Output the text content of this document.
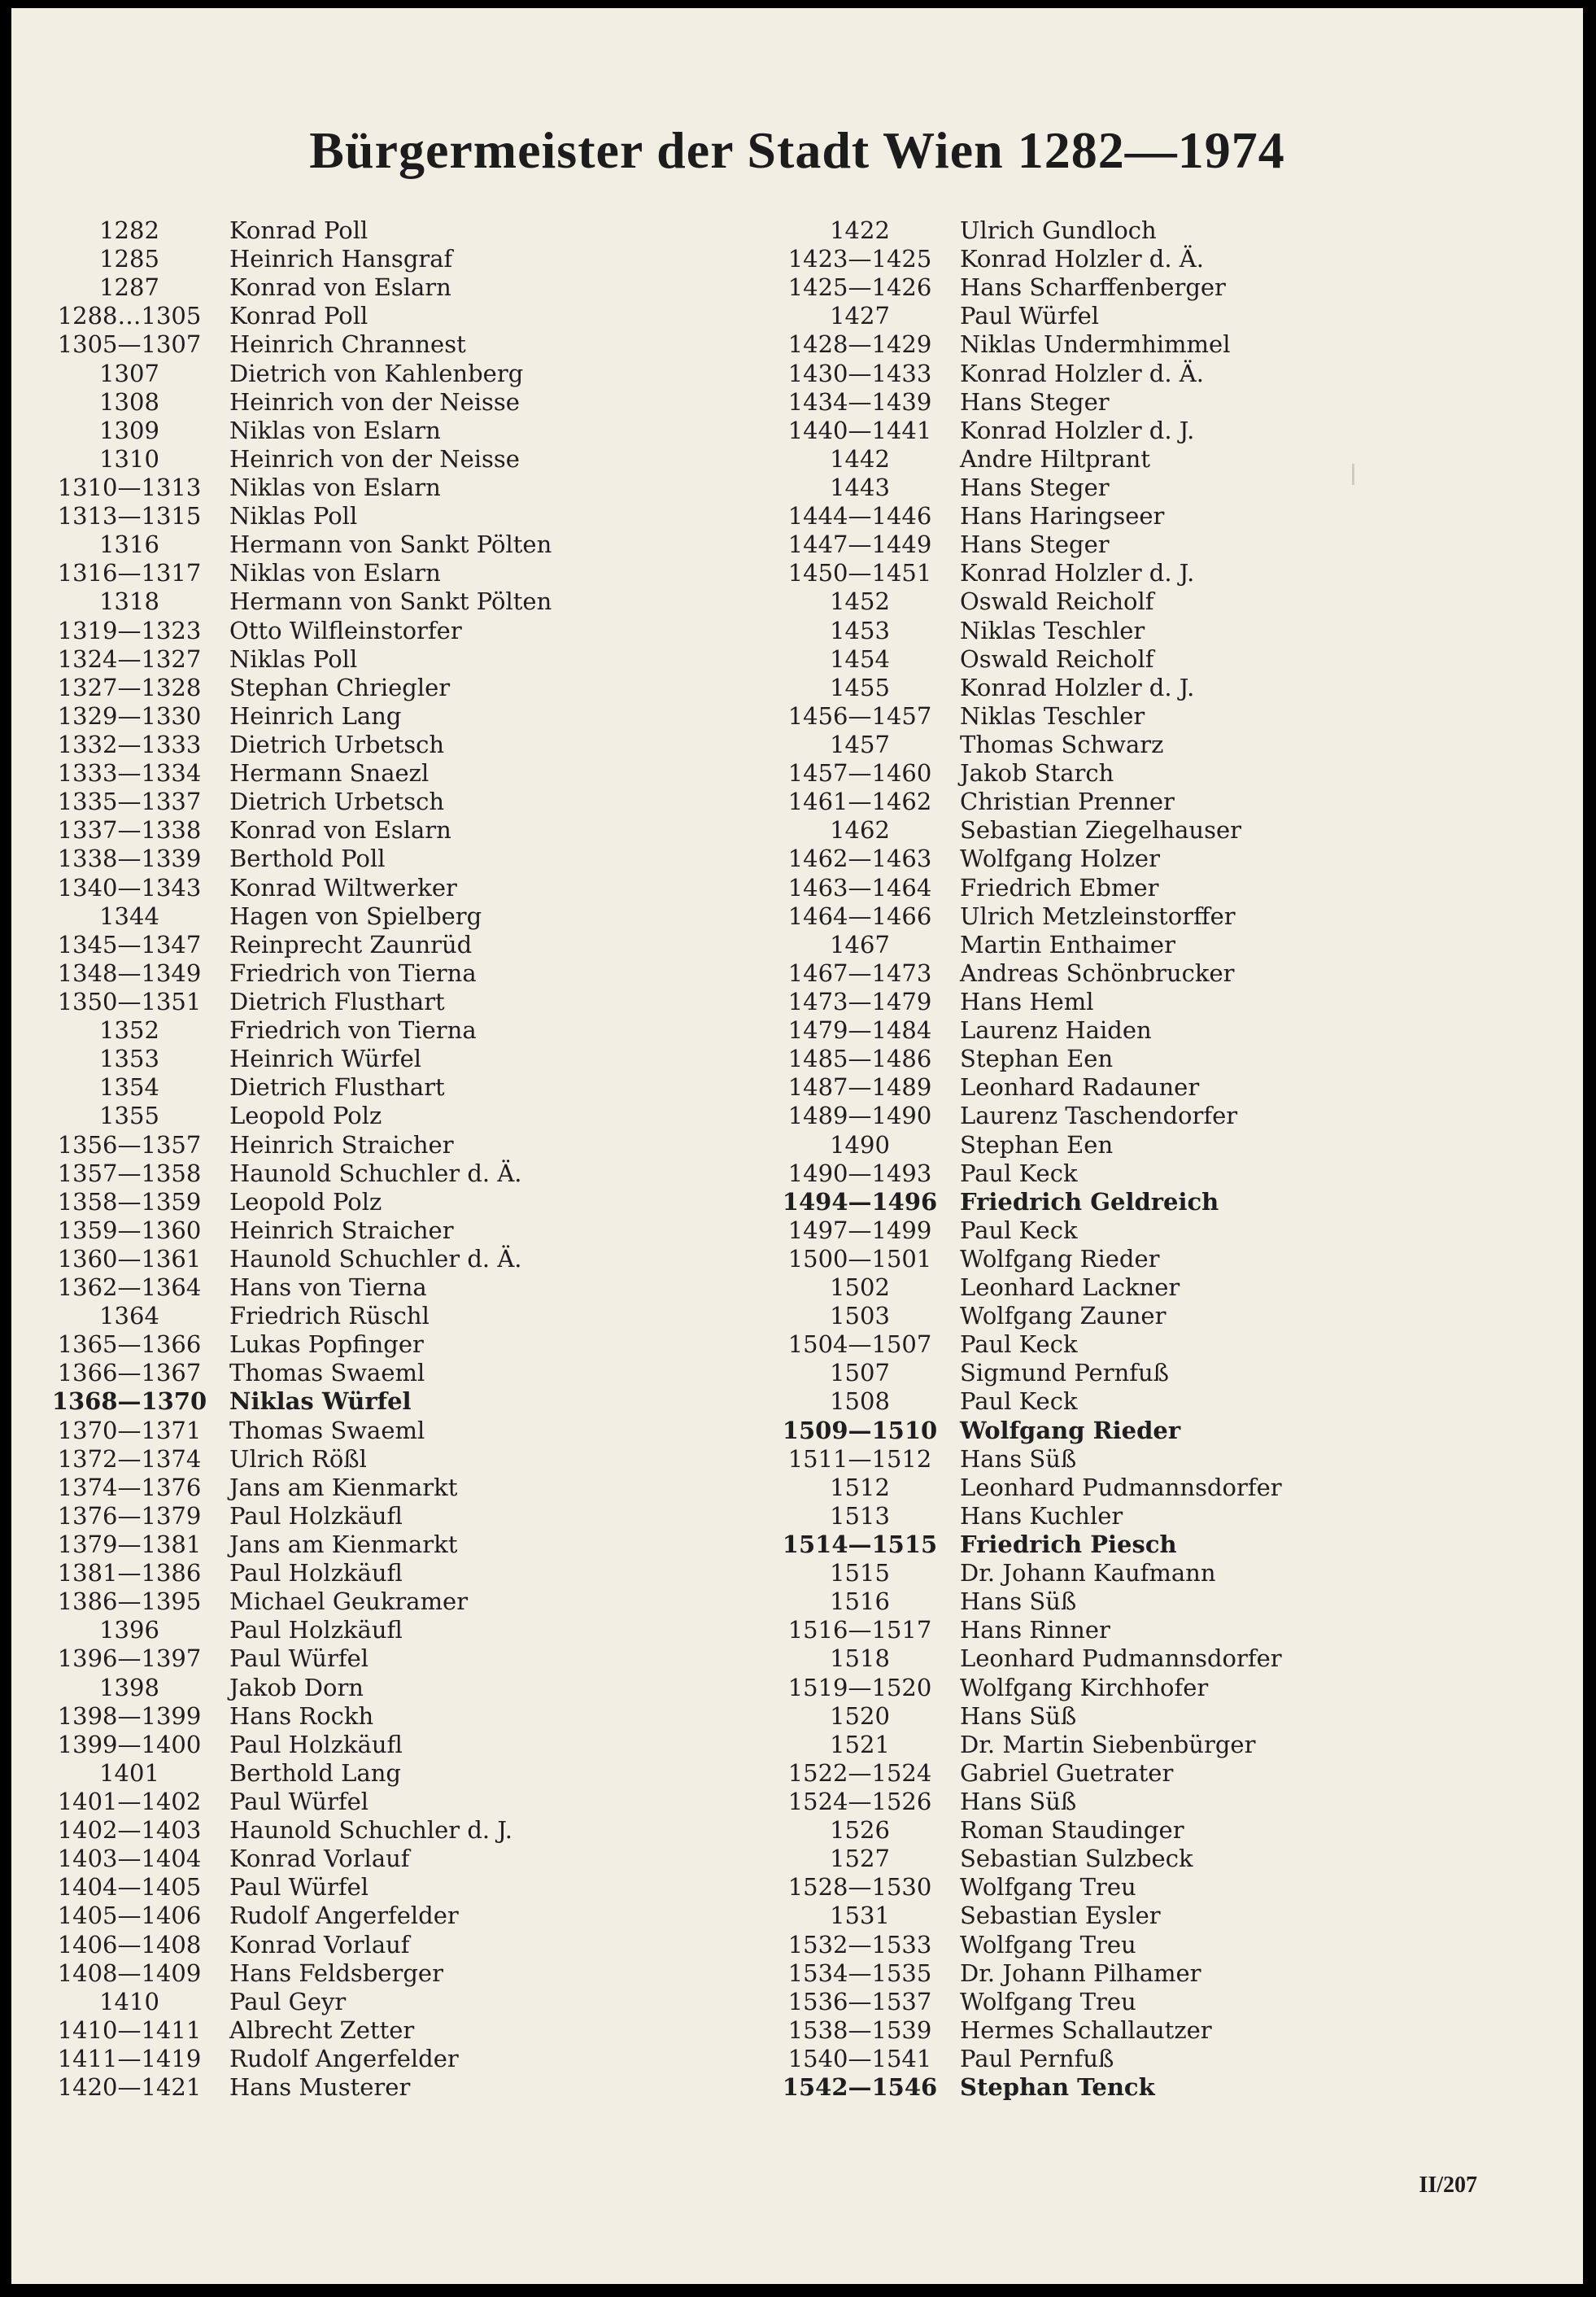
Bürgermeister der Stadt Wien 1282—1974
1282	Konrad Poll
1285	Heinrich Hansgraf
1287	Konrad von Eslarn
1288…1305 Konrad Poll
1305—1307 Heinrich Chrannest
1307	Dietrich von Kahlenberg
1308	Heinrich von der Neisse
1309	Niklas von Eslarn
1310	Heinrich von der Neisse
1310—1313 Niklas von Eslarn
1313—1315 Niklas Poll
1316	Hermann von Sankt Pölten
1316—1317 Niklas von Eslarn
1318	Hermann von Sankt Pölten
1319—1323 Otto Wilfleinstorfer
1324—1327 Niklas Poll
1327—1328 Stephan Chriegler
1329—1330 Heinrich Lang
1332—1333 Dietrich Urbetsch
1333—1334 Hermann Snaezl
1335—1337 Dietrich Urbetsch
1337—1338 Konrad von Eslarn
1338—1339 Berthold Poll
1340—1343 Konrad Wiltwerker
1344	Hagen von Spielberg
1345—1347 Reinprecht Zaunrüd
1348—1349 Friedrich von Tierna
1350—1351 Dietrich Flusthart
1352	Friedrich von Tierna
1353	Heinrich Würfel
1354	Dietrich Flusthart
1355	Leopold Polz
1356—1357 Heinrich Straicher
1357—1358 Haunold Schuchler d. Ä.
1358—1359 Leopold Polz
1359—1360 Heinrich Straicher
1360—1361 Haunold Schuchler d. Ä.
1362—1364 Hans von Tierna
1364	Friedrich Rüschl
1365—1366 Lukas Popfinger
1366—1367 Thomas Swaeml
1368—1370 Niklas Würfel
1370—1371 Thomas Swaeml
1372—1374 Ulrich Rößl
1374—1376 Jans am Kienmarkt
1376—1379 Paul Holzkäufl
1379—1381 Jans am Kienmarkt
1381—1386 Paul Holzkäufl
1386—1395 Michael Geukramer
1396	Paul Holzkäufl
1396—1397 Paul Würfel
1398	Jakob Dorn
1398—1399 Hans Rockh
1399—1400 Paul Holzkäufl
1401	Berthold Lang
1401—1402 Paul Würfel
1402—1403 Haunold Schuchler d. J.
1403—1404 Konrad Vorlauf
1404—1405 Paul Würfel
1405—1406 Rudolf Angerfelder
1406—1408 Konrad Vorlauf
1408—1409 Hans Feldsberger
1410	Paul Geyr
1410—1411 Albrecht Zetter
1411—1419 Rudolf Angerfelder
1420—1421 Hans Musterer
1422	Ulrich Gundloch
1423—1425 Konrad Holzler d. Ä.
1425—1426 Hans Scharffenberger
1427	Paul Würfel
1428—1429 Niklas Undermhimmel
1430—1433 Konrad Holzler d. Ä.
1434—1439 Hans Steger
1440—1441 Konrad Holzler d. J.
1442	Andre Hiltprant
1443	Hans Steger
1444—1446 Hans Haringseer
1447—1449 Hans Steger
1450—1451 Konrad Holzler d. J.
1452	Oswald Reicholf
1453	Niklas Teschler
1454	Oswald Reicholf
1455	Konrad Holzler d. J.
1456—1457 Niklas Teschler
1457	Thomas Schwarz
1457—1460 Jakob Starch
1461—1462 Christian Prenner
1462	Sebastian Ziegelhauser
1462—1463 Wolfgang Holzer
1463—1464 Friedrich Ebmer
1464—1466 Ulrich Metzleinstorffer
1467	Martin Enthaimer
1467—1473 Andreas Schönbrucker
1473—1479 Hans Heml
1479—1484 Laurenz Haiden
1485—1486 Stephan Een
1487—1489 Leonhard Radauner
1489—1490 Laurenz Taschendorfer
1490	Stephan Een
1490—1493 Paul Keck
1494—1496 Friedrich Geldreich
1497—1499 Paul Keck
1500—1501 Wolfgang Rieder
1502	Leonhard Lackner
1503	Wolfgang Zauner
1504—1507 Paul Keck
1507	Sigmund Pernfuß
1508	Paul Keck
1509—1510 Wolfgang Rieder
1511—1512 Hans Süß
1512	Leonhard Pudmannsdorfer
1513	Hans Kuchler
1514—1515 Friedrich Piesch
1515	Dr. Johann Kaufmann
1516	Hans Süß
1516—1517 Hans Rinner
1518	Leonhard Pudmannsdorfer
1519—1520 Wolfgang Kirchhofer
1520	Hans Süß
1521	Dr. Martin Siebenbürger
1522—1524 Gabriel Guetrater
1524—1526 Hans Süß
1526	Roman Staudinger
1527	Sebastian Sulzbeck
1528—1530 Wolfgang Treu
1531	Sebastian Eysler
1532—1533 Wolfgang Treu
1534—1535 Dr. Johann Pilhamer
1536—1537 Wolfgang Treu
1538—1539 Hermes Schallautzer
1540—1541 Paul Pernfuß
1542—1546 Stephan Tenck
II/207
